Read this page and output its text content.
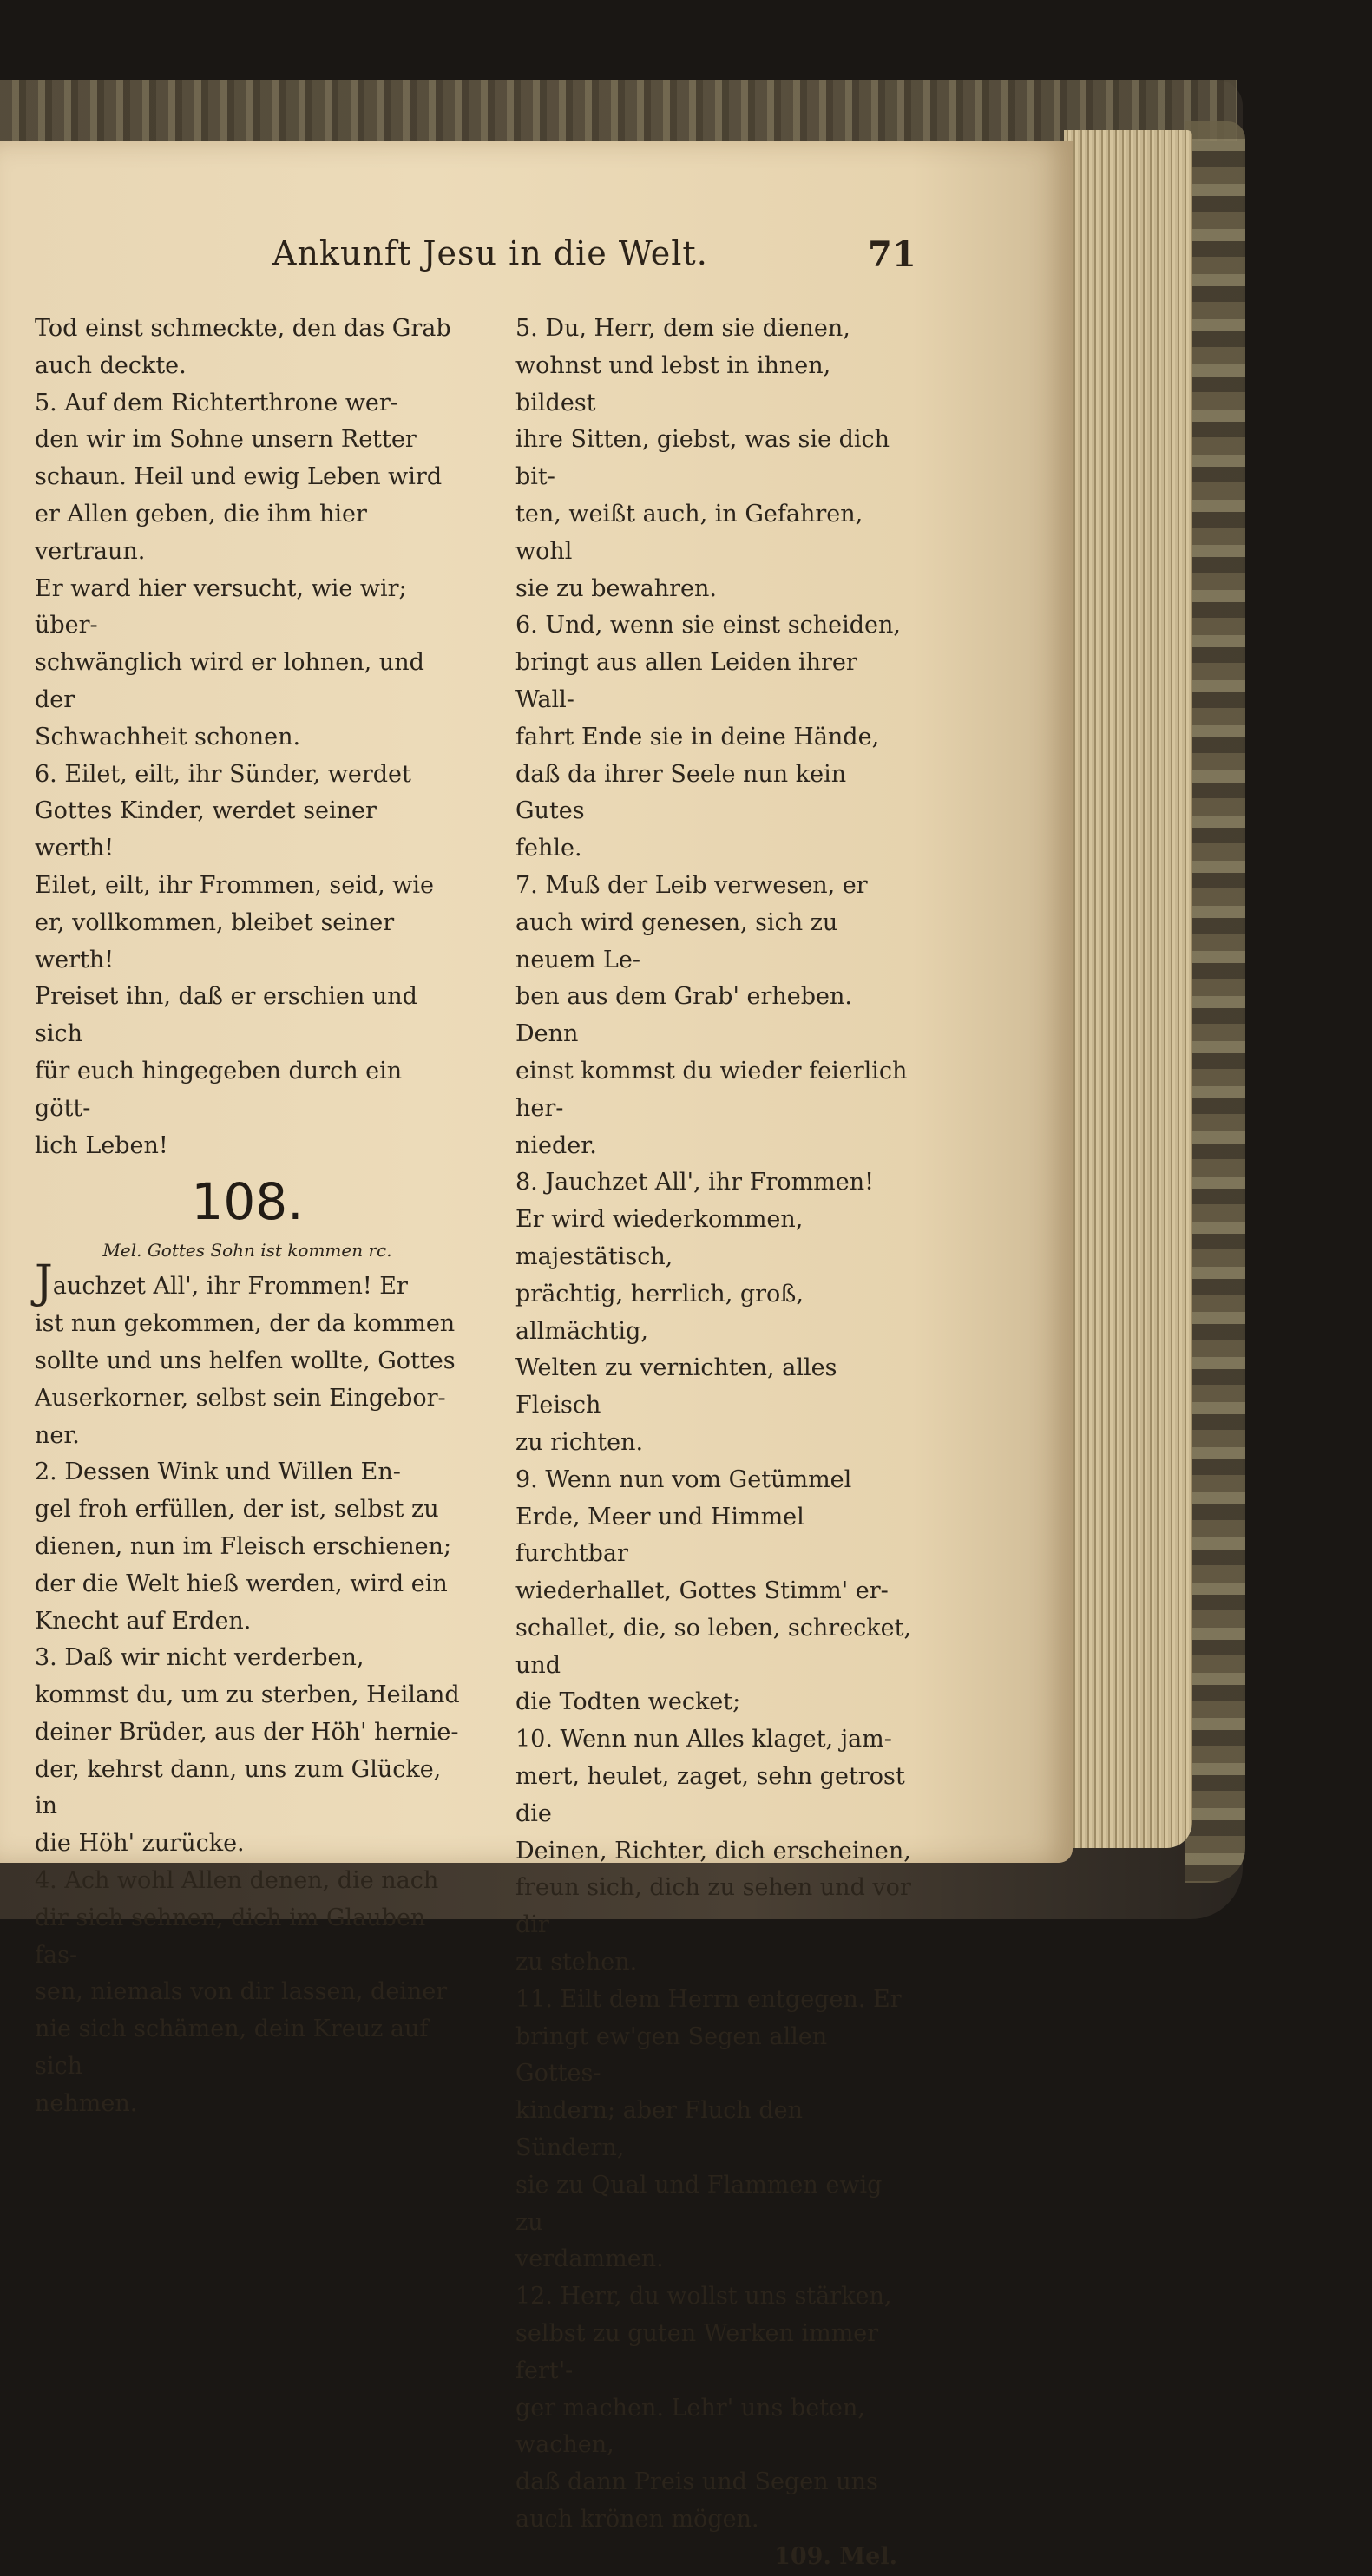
Ankunft Jesu in die Welt.	71

Tod einst schmeckte, den das Grab

auch deckte.

5. Auf dem Richterthrone wer-

den wir im Sohne unsern Retter

schaun. Heil und ewig Leben wird

er Allen geben, die ihm hier vertraun.

Er ward hier versucht, wie wir; über-

schwänglich wird er lohnen, und der

Schwachheit schonen.

6. Eilet, eilt, ihr Sünder, werdet

Gottes Kinder, werdet seiner werth!

Eilet, eilt, ihr Frommen, seid, wie

er, vollkommen, bleibet seiner werth!

Preiset ihn, daß er erschien und sich

für euch hingegeben durch ein gött-

lich Leben!

108.
Mel. Gottes Sohn ist kommen rc.

Jauchzet All', ihr Frommen! Er

ist nun gekommen, der da kommen

sollte und uns helfen wollte, Gottes

Auserkorner, selbst sein Eingebor-

ner.

2. Dessen Wink und Willen En-

gel froh erfüllen, der ist, selbst zu

dienen, nun im Fleisch erschienen;

der die Welt hieß werden, wird ein

Knecht auf Erden.

3. Daß wir nicht verderben,

kommst du, um zu sterben, Heiland

deiner Brüder, aus der Höh' hernie-

der, kehrst dann, uns zum Glücke, in

die Höh' zurücke.

4. Ach wohl Allen denen, die nach

dir sich sehnen, dich im Glauben fas-

sen, niemals von dir lassen, deiner

nie sich schämen, dein Kreuz auf sich

nehmen.

5. Du, Herr, dem sie dienen,

wohnst und lebst in ihnen, bildest

ihre Sitten, giebst, was sie dich bit-

ten, weißt auch, in Gefahren, wohl

sie zu bewahren.

6. Und, wenn sie einst scheiden,

bringt aus allen Leiden ihrer Wall-

fahrt Ende sie in deine Hände,

daß da ihrer Seele nun kein Gutes

fehle.

7. Muß der Leib verwesen, er

auch wird genesen, sich zu neuem Le-

ben aus dem Grab' erheben. Denn

einst kommst du wieder feierlich her-

nieder.

8. Jauchzet All', ihr Frommen!

Er wird wiederkommen, majestätisch,

prächtig, herrlich, groß, allmächtig,

Welten zu vernichten, alles Fleisch

zu richten.

9. Wenn nun vom Getümmel

Erde, Meer und Himmel furchtbar

wiederhallet, Gottes Stimm' er-

schallet, die, so leben, schrecket, und

die Todten wecket;

10. Wenn nun Alles klaget, jam-

mert, heulet, zaget, sehn getrost die

Deinen, Richter, dich erscheinen,

freun sich, dich zu sehen und vor dir

zu stehen.

11. Eilt dem Herrn entgegen. Er

bringt ew'gen Segen allen Gottes-

kindern; aber Fluch den Sündern,

sie zu Qual und Flammen ewig zu

verdammen.

12. Herr, du wollst uns stärken,

selbst zu guten Werken immer fert'-

ger machen. Lehr' uns beten, wachen,

daß dann Preis und Segen uns

auch krönen mögen.

109. Mel.
